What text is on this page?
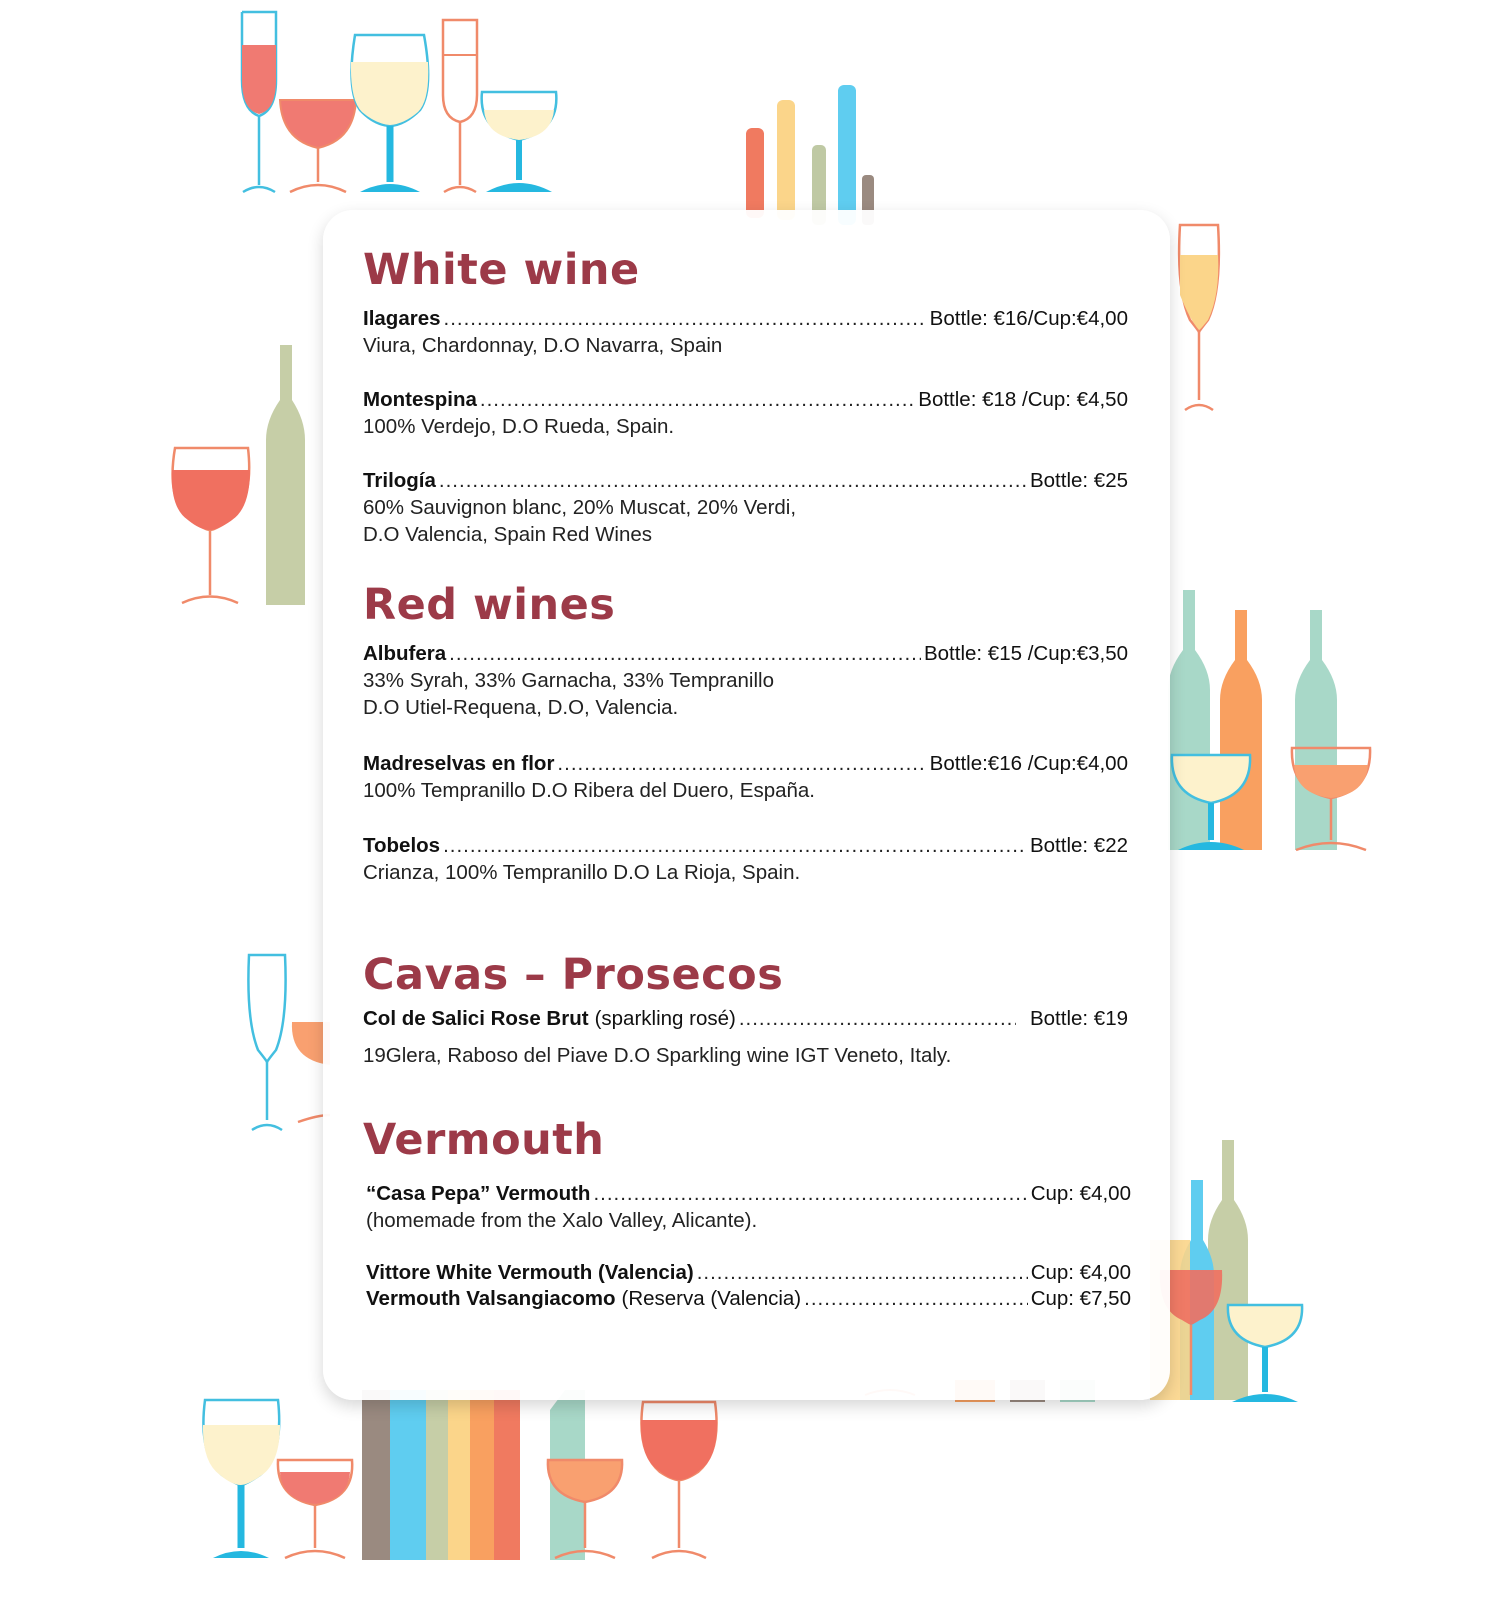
White wine
Ilagares .....	Bottle: €16/Cup:€4,00
Viura, Chardonnay, D.O Navarra, Spain
Montespina .....	Bottle: €18 /Cup: €4,50
100% Verdejo, D.O Rueda, Spain.
Trilogía .....	Bottle: €25
60% Sauvignon blanc, 20% Muscat, 20% Verdi,
D.O Valencia, Spain Red Wines
Red wines
Albufera .....	Bottle: €15 /Cup:€3,50
33% Syrah, 33% Garnacha, 33% Tempranillo
D.O Utiel-Requena, D.O, Valencia.
Madreselvas en flor .....	Bottle:€16 /Cup:€4,00
100% Tempranillo D.O Ribera del Duero, España.
Tobelos .....	Bottle: €22
Crianza, 100% Tempranillo D.O La Rioja, Spain.
Cavas – Prosecos
Col de Salici Rose Brut (sparkling rosé) .....	Bottle: €19
19Glera, Raboso del Piave D.O Sparkling wine IGT Veneto, Italy.
Vermouth
“Casa Pepa” Vermouth .....	Cup: €4,00
(homemade from the Xalo Valley, Alicante).
Vittore White Vermouth (Valencia) .....	Cup: €4,00
Vermouth Valsangiacomo (Reserva (Valencia) .....	Cup: €7,50
